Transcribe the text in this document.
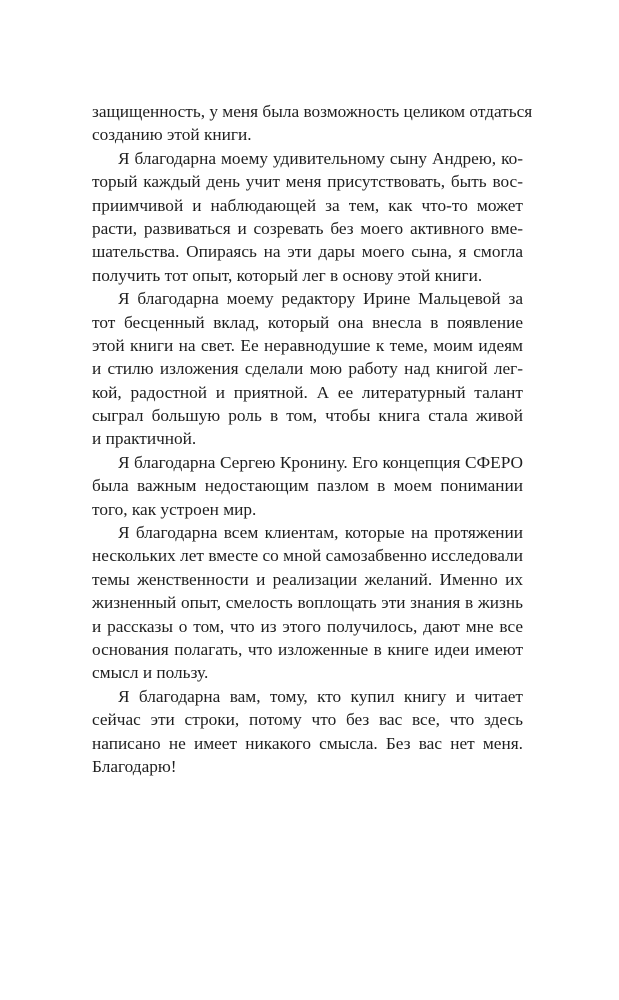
защищенность, у меня была возможность целиком отдаться
созданию этой книги.
Я благодарна моему удивительному сыну Андрею, ко-
торый каждый день учит меня присутствовать, быть вос-
приимчивой и наблюдающей за тем, как что-то может
расти, развиваться и созревать без моего активного вме-
шательства. Опираясь на эти дары моего сына, я смогла
получить тот опыт, который лег в основу этой книги.
Я благодарна моему редактору Ирине Мальцевой за
тот бесценный вклад, который она внесла в появление
этой книги на свет. Ее неравнодушие к теме, моим идеям
и стилю изложения сделали мою работу над книгой лег-
кой, радостной и приятной. А ее литературный талант
сыграл большую роль в том, чтобы книга стала живой
и практичной.
Я благодарна Сергею Кронину. Его концепция СФЕРО
была важным недостающим пазлом в моем понимании
того, как устроен мир.
Я благодарна всем клиентам, которые на протяжении
нескольких лет вместе со мной самозабвенно исследовали
темы женственности и реализации желаний. Именно их
жизненный опыт, смелость воплощать эти знания в жизнь
и рассказы о том, что из этого получилось, дают мне все
основания полагать, что изложенные в книге идеи имеют
смысл и пользу.
Я благодарна вам, тому, кто купил книгу и читает
сейчас эти строки, потому что без вас все, что здесь
написано не имеет никакого смысла. Без вас нет меня.
Благодарю!
